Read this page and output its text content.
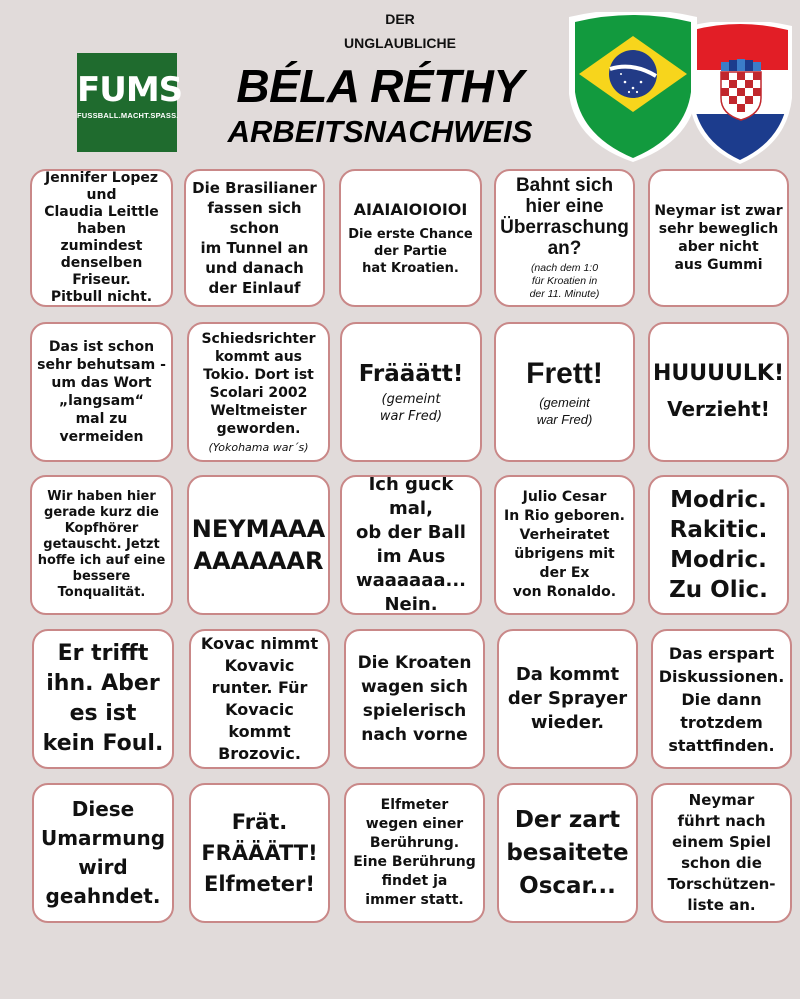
FUMS
FUSSBALL.MACHT.SPASS.
DER
UNGLAUBLICHE
BÉLA RÉTHY
ARBEITSNACHWEIS
Jennifer Lopez
und
Claudia Leittle
haben zumindest
denselben Friseur.
Pitbull nicht.
Die Brasilianer
fassen sich schon
im Tunnel an
und danach
der Einlauf
AIAIAIOIOIOI
Die erste Chance
der Partie
hat Kroatien.
Bahnt sich
hier eine
Überraschung
an?
(nach dem 1:0
für Kroatien in
der 11. Minute)
Neymar ist zwar
sehr beweglich
aber nicht
aus Gummi
Das ist schon
sehr behutsam -
um das Wort
„langsam“
mal zu
vermeiden
Schiedsrichter
kommt aus
Tokio. Dort ist
Scolari 2002
Weltmeister
geworden.
(Yokohama war´s)
Frääätt!
(gemeint
war Fred)
Frett!
(gemeint
war Fred)
HUUUULK!
Verzieht!
Wir haben hier
gerade kurz die
Kopfhörer
getauscht. Jetzt
hoffe ich auf eine
bessere
Tonqualität.
NEYMAAA
AAAAAAR
Ich guck mal,
ob der Ball
im Aus
waaaaaa...
Nein.
Julio Cesar
In Rio geboren.
Verheiratet
übrigens mit
der Ex
von Ronaldo.
Modric.
Rakitic.
Modric.
Zu Olic.
Er trifft
ihn. Aber
es ist
kein Foul.
Kovac nimmt
Kovavic
runter. Für
Kovacic kommt
Brozovic.
Die Kroaten
wagen sich
spielerisch
nach vorne
Da kommt
der Sprayer
wieder.
Das erspart
Diskussionen.
Die dann
trotzdem
stattfinden.
Diese
Umarmung
wird
geahndet.
Frät.
FRÄÄÄTT!
Elfmeter!
Elfmeter
wegen einer
Berührung.
Eine Berührung
findet ja
immer statt.
Der zart
besaitete
Oscar...
Neymar
führt nach
einem Spiel
schon die
Torschützen-
liste an.
